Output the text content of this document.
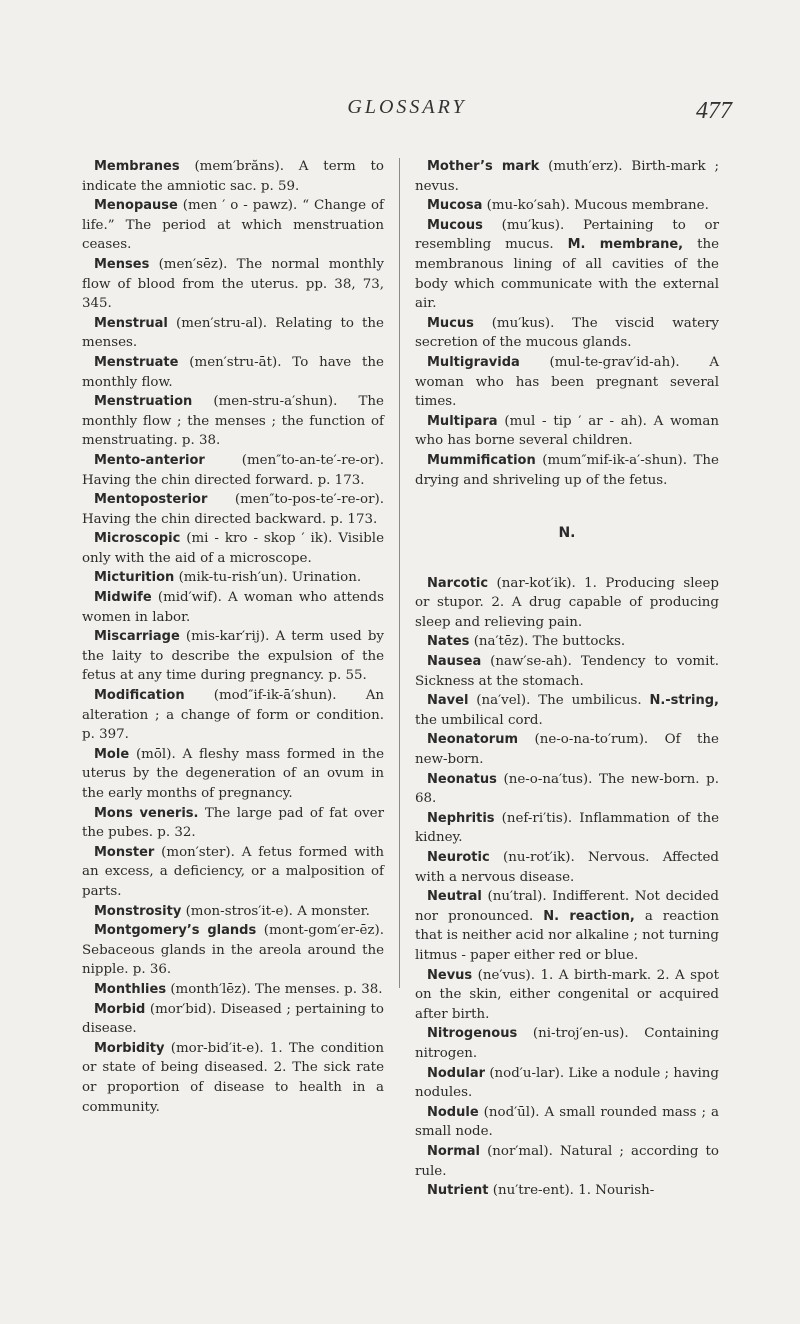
GLOSSARY	477

Membranes (mem′brăns). A term to indicate the amniotic sac. p. 59.

Menopause (men ′ o - pawz). “ Change of life.” The period at which menstruation ceases.

Menses (men′sēz). The normal monthly flow of blood from the uterus. pp. 38, 73, 345.

Menstrual (men′stru-al). Relating to the menses.

Menstruate (men′stru-āt). To have the monthly flow.

Menstruation (men-stru-a′shun). The monthly flow ; the menses ; the function of menstruating. p. 38.

Mento-anterior	(men″to-an-te′-re-or). Having the chin directed forward. p. 173.

Mentoposterior (men″to-pos-te′-re-or). Having the chin directed backward. p. 173.

Microscopic (mi - kro - skop ′ ik). Visible only with the aid of a microscope.

Micturition (mik-tu-rish′un). Urination.

Midwife (mid′wif). A woman who attends women in labor.

Miscarriage (mis-kar′rij). A term used by the laity to describe the expulsion of the fetus at any time during pregnancy. p. 55.

Modification (mod″if-ik-ā′shun). An alteration ; a change of form or condition. p. 397.

Mole (mōl). A fleshy mass formed in the uterus by the degeneration of an ovum in the early months of pregnancy.

Mons veneris. The large pad of fat over the pubes. p. 32.

Monster (mon′ster). A fetus formed with an excess, a deficiency, or a malposition of parts.

Monstrosity (mon-stros′it-e). A monster.

Montgomery’s glands (mont-gom′er-ēz). Sebaceous glands in the areola around the nipple. p. 36.

Monthlies (month′lēz). The menses. p. 38.

Morbid (mor′bid). Diseased ; pertaining to disease.

Morbidity (mor-bid′it-e). 1. The condition or state of being diseased. 2. The sick rate or proportion of disease to health in a community.

Mother’s mark (muth′erz). Birth-mark ; nevus.

Mucosa (mu-ko′sah). Mucous membrane.

Mucous (mu′kus). Pertaining to or resembling mucus. M. membrane, the membranous lining of all cavities of the body which communicate with the external air.

Mucus (mu′kus). The viscid watery secretion of the mucous glands.

Multigravida (mul-te-grav′id-ah). A woman who has been pregnant several times.

Multipara (mul - tip ′ ar - ah). A woman who has borne several children.

Mummification (mum″mif-ik-a′-shun). The drying and shriveling up of the fetus.

N.

Narcotic (nar-kot′ik). 1. Producing sleep or stupor. 2. A drug capable of producing sleep and relieving pain.

Nates (na′tēz). The buttocks.

Nausea (naw′se-ah). Tendency to vomit. Sickness at the stomach.

Navel (na′vel). The umbilicus. N.-string, the umbilical cord.

Neonatorum (ne-o-na-to′rum). Of the new-born.

Neonatus (ne-o-na′tus). The new-born. p. 68.

Nephritis (nef-ri′tis). Inflammation of the kidney.

Neurotic (nu-rot′ik). Nervous. Affected with a nervous disease.

Neutral (nu′tral). Indifferent. Not decided nor pronounced. N. reaction, a reaction that is neither acid nor alkaline ; not turning litmus - paper either red or blue.

Nevus (ne′vus). 1. A birth-mark. 2. A spot on the skin, either congenital or acquired after birth.

Nitrogenous (ni-troj′en-us). Containing nitrogen.

Nodular (nod′u-lar). Like a nodule ; having nodules.

Nodule (nod′ūl). A small rounded mass ; a small node.

Normal (nor′mal). Natural ; according to rule.

Nutrient (nu′tre-ent). 1. Nourish-
